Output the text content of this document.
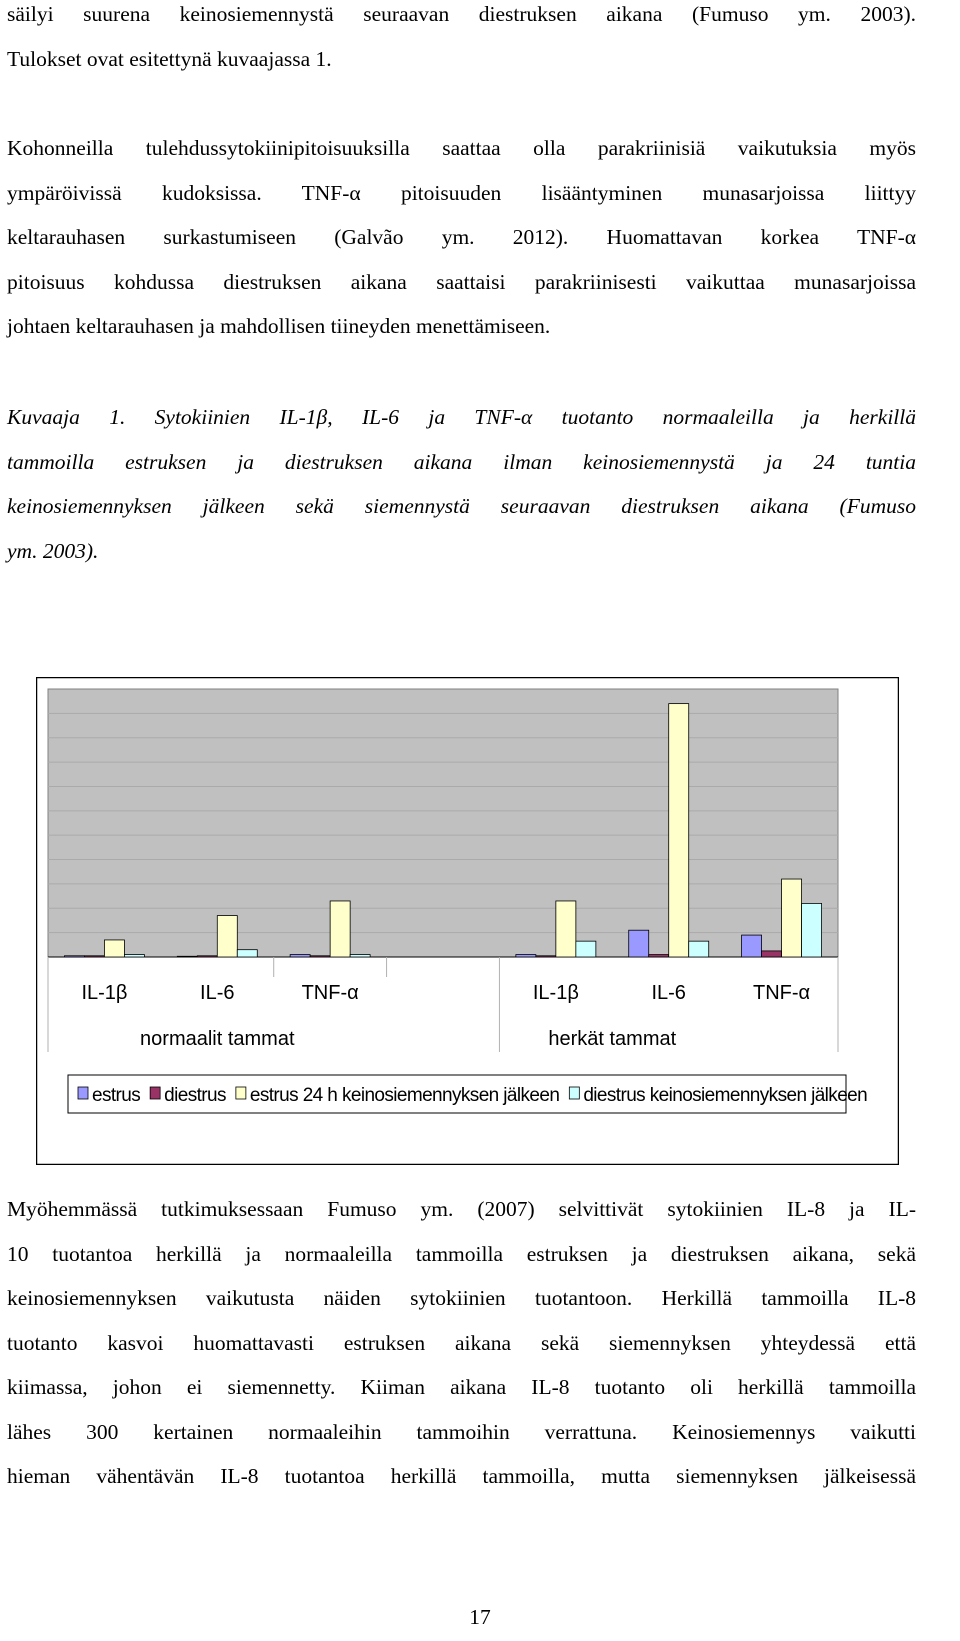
säilyi suurena keinosiemennystä seuraavan diestruksen aikana (Fumuso ym. 2003).
Tulokset ovat esitettynä kuvaajassa 1.
Kohonneilla tulehdussytokiinipitoisuuksilla saattaa olla parakriinisiä vaikutuksia myös
ympäröivissä kudoksissa. TNF-α pitoisuuden lisääntyminen munasarjoissa liittyy
keltarauhasen surkastumiseen (Galvão ym. 2012). Huomattavan korkea TNF-α
pitoisuus kohdussa diestruksen aikana saattaisi parakriinisesti vaikuttaa munasarjoissa
johtaen keltarauhasen ja mahdollisen tiineyden menettämiseen.
Kuvaaja 1. Sytokiinien IL-1β, IL-6 ja TNF-α tuotanto normaaleilla ja herkillä
tammoilla estruksen ja diestruksen aikana ilman keinosiemennystä ja 24 tuntia
keinosiemennyksen jälkeen sekä siemennystä seuraavan diestruksen aikana (Fumuso
ym. 2003).
IL-1β	IL-6	TNF-α	IL-1β	IL-6	TNF-α
normaalit tammat	herkät tammat
estrus diestrus estrus 24 h keinosiemennyksen jälkeen diestrus keinosiemennyksen jälkeen
Myöhemmässä tutkimuksessaan Fumuso ym. (2007) selvittivät sytokiinien IL-8 ja IL-
10 tuotantoa herkillä ja normaaleilla tammoilla estruksen ja diestruksen aikana, sekä
keinosiemennyksen vaikutusta näiden sytokiinien tuotantoon. Herkillä tammoilla IL-8
tuotanto kasvoi huomattavasti estruksen aikana sekä siemennyksen yhteydessä että
kiimassa, johon ei siemennetty. Kiiman aikana IL-8 tuotanto oli herkillä tammoilla
lähes 300 kertainen normaaleihin tammoihin verrattuna. Keinosiemennys vaikutti
hieman vähentävän IL-8 tuotantoa herkillä tammoilla, mutta siemennyksen jälkeisessä
17
